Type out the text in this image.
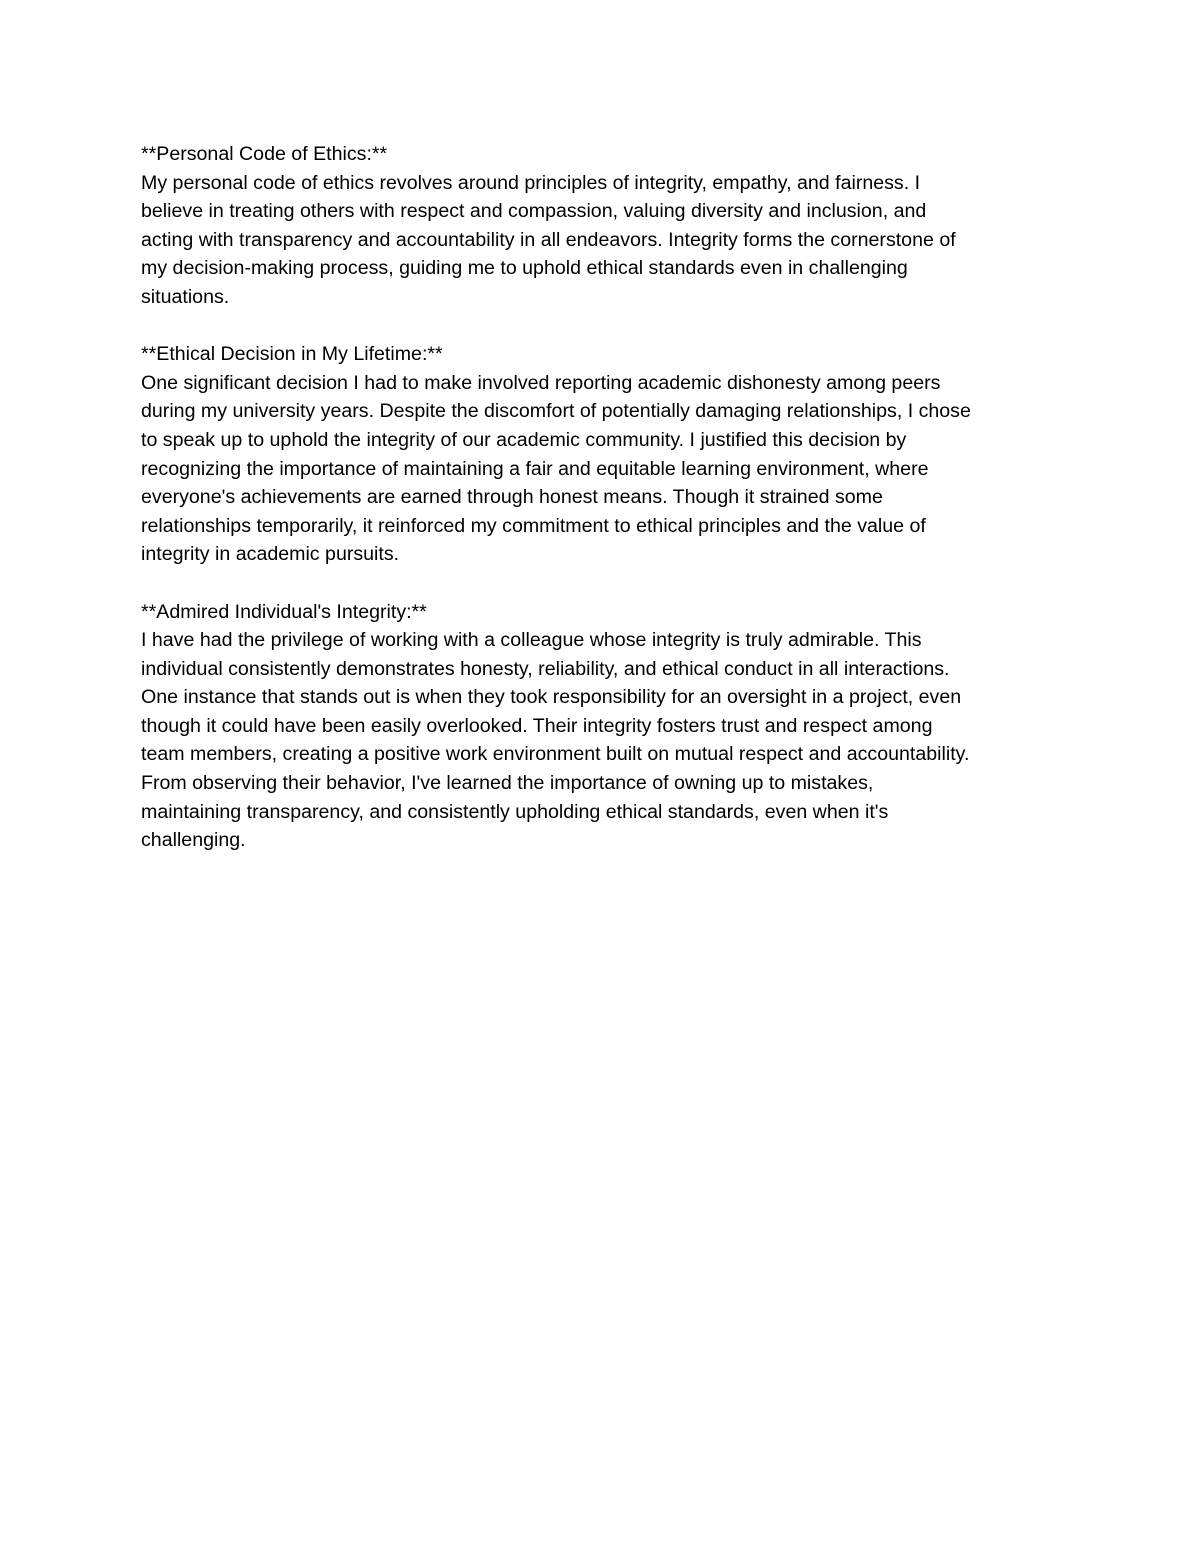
**Personal Code of Ethics:**
My personal code of ethics revolves around principles of integrity, empathy, and fairness. I
believe in treating others with respect and compassion, valuing diversity and inclusion, and
acting with transparency and accountability in all endeavors. Integrity forms the cornerstone of
my decision-making process, guiding me to uphold ethical standards even in challenging
situations.
**Ethical Decision in My Lifetime:**
One significant decision I had to make involved reporting academic dishonesty among peers
during my university years. Despite the discomfort of potentially damaging relationships, I chose
to speak up to uphold the integrity of our academic community. I justified this decision by
recognizing the importance of maintaining a fair and equitable learning environment, where
everyone's achievements are earned through honest means. Though it strained some
relationships temporarily, it reinforced my commitment to ethical principles and the value of
integrity in academic pursuits.
**Admired Individual's Integrity:**
I have had the privilege of working with a colleague whose integrity is truly admirable. This
individual consistently demonstrates honesty, reliability, and ethical conduct in all interactions.
One instance that stands out is when they took responsibility for an oversight in a project, even
though it could have been easily overlooked. Their integrity fosters trust and respect among
team members, creating a positive work environment built on mutual respect and accountability.
From observing their behavior, I've learned the importance of owning up to mistakes,
maintaining transparency, and consistently upholding ethical standards, even when it's
challenging.
